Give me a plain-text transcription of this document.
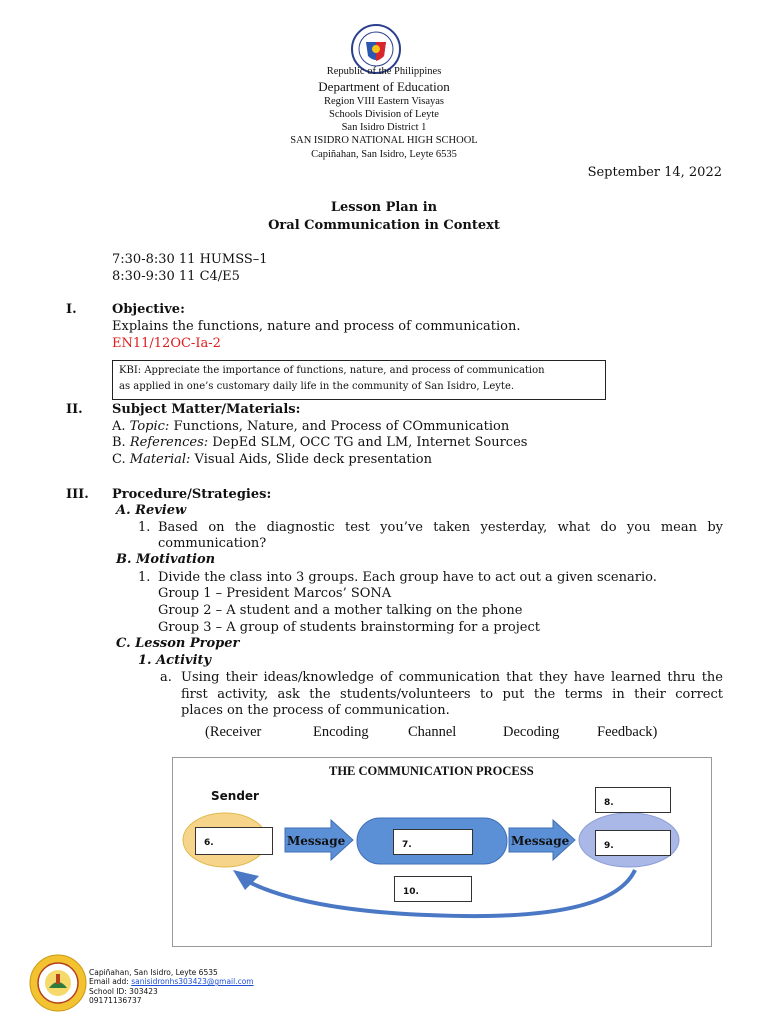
Republic of the Philippines
Department of Education
Region VIII Eastern Visayas
Schools Division of Leyte
San Isidro District 1
SAN ISIDRO NATIONAL HIGH SCHOOL
Capiñahan, San Isidro, Leyte 6535
September 14, 2022
Lesson Plan in
Oral Communication in Context
7:30-8:30 11 HUMSS–1
8:30-9:30 11 C4/E5
I.	Objective:
Explains the functions, nature and process of communication.
EN11/12OC-Ia-2
KBI: Appreciate the importance of functions, nature, and process of communication
as applied in one’s customary daily life in the community of San Isidro, Leyte.
II. Subject Matter/Materials:
A. Topic: Functions, Nature, and Process of COmmunication
B. References: DepEd SLM, OCC TG and LM, Internet Sources
C. Material: Visual Aids, Slide deck presentation
III. Procedure/Strategies:
A. Review
1. Based on the diagnostic test you’ve taken yesterday, what do you mean by
communication?
B. Motivation
1. Divide the class into 3 groups. Each group have to act out a given scenario.
Group 1 – President Marcos’ SONA
Group 2 – A student and a mother talking on the phone
Group 3 – A group of students brainstorming for a project
C. Lesson Proper
1. Activity
a. Using their ideas/knowledge of communication that they have learned thru the
first activity, ask the students/volunteers to put the terms in their correct
places on the process of communication.
(Receiver	Encoding	Channel	Decoding	Feedback)
THE COMMUNICATION PROCESS
Sender
6.	Message	7.	Message
8.
9.
10.
Capiñahan, San Isidro, Leyte 6535
Email add: sanisidronhs303423@gmail.com
School ID: 303423
09171136737
